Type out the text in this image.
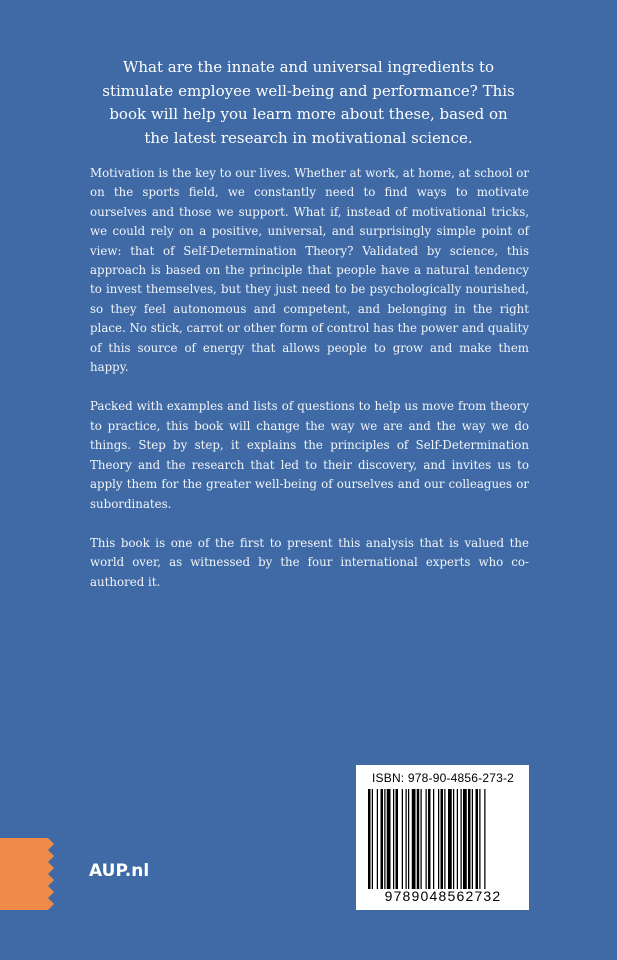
What are the innate and universal ingredients to stimulate employee well-being and performance? This book will help you learn more about these, based on the latest research in motivational science.

Motivation is the key to our lives. Whether at work, at home, at school or on the sports field, we constantly need to find ways to motivate ourselves and those we support. What if, instead of motivational tricks, we could rely on a positive, universal, and surprisingly simple point of view: that of Self-Determination Theory? Validated by science, this approach is based on the principle that people have a natural tendency to invest themselves, but they just need to be psychologically nourished, so they feel autonomous and competent, and belonging in the right place. No stick, carrot or other form of control has the power and quality of this source of energy that allows people to grow and make them happy.

Packed with examples and lists of questions to help us move from theory to practice, this book will change the way we are and the way we do things. Step by step, it explains the principles of Self-Determination Theory and the research that led to their discovery, and invites us to apply them for the greater well-being of ourselves and our colleagues or subordinates.

This book is one of the first to present this analysis that is valued the world over, as witnessed by the four international experts who co-authored it.

ISBN: 978-90-4856-273-2
9789048562732
AUP.nl
